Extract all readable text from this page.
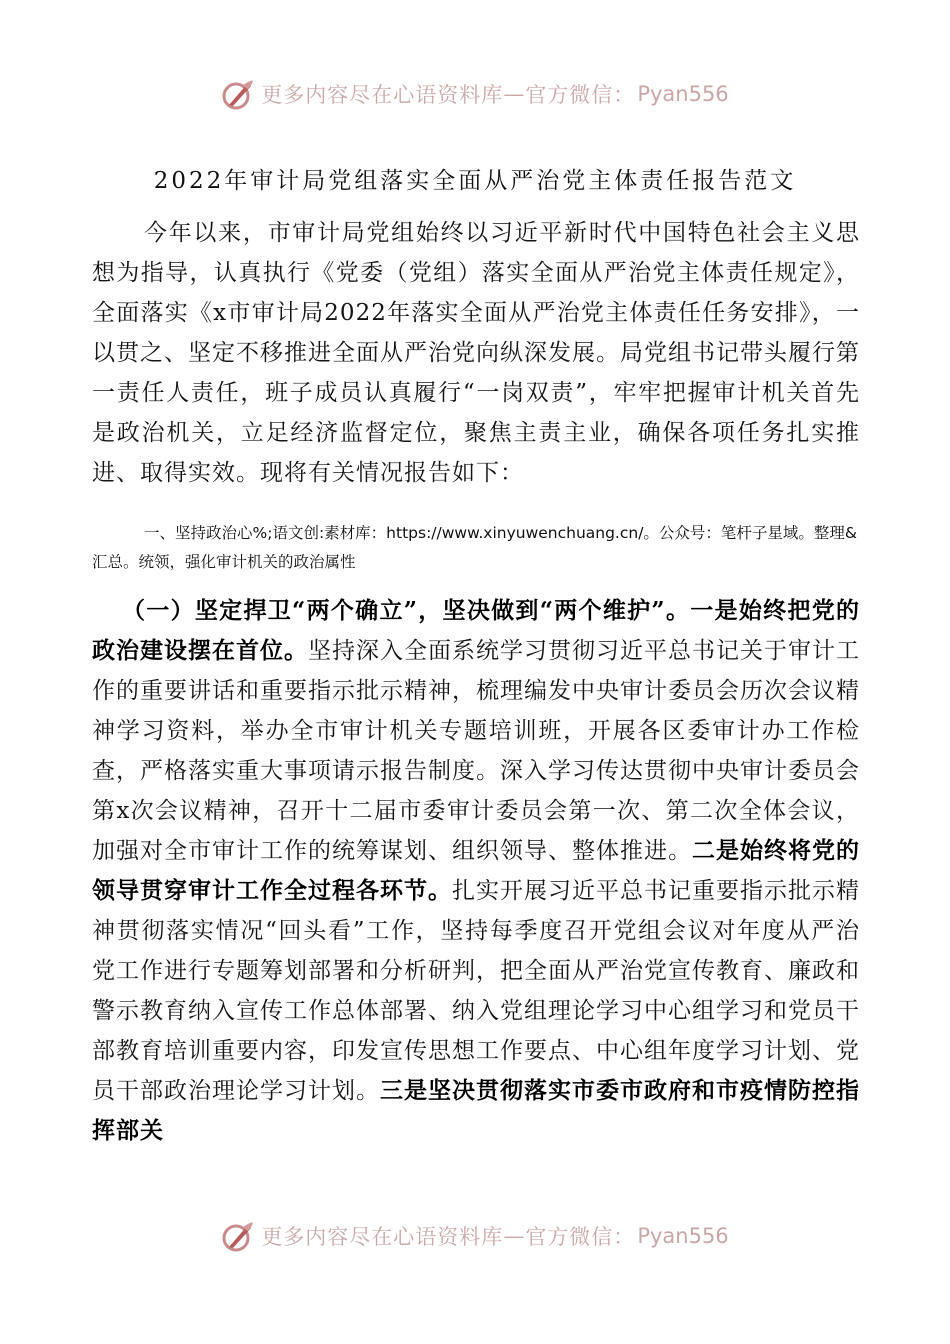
更多内容尽在心语资料库 — 官方微信： Pyan556
2022年审计局党组落实全面从严治党主体责任报告范文
今年以来，市审计局党组始终以习近平新时代中国特色社会主义思想为指导，认真执行《党委（党组）落实全面从严治党主体责任规定》，全面落实《x市审计局2022年落实全面从严治党主体责任任务安排》，一以贯之、坚定不移推进全面从严治党向纵深发展。局党组书记带头履行第一责任人责任，班子成员认真履行“一岗双责”，牢牢把握审计机关首先是政治机关，立足经济监督定位，聚焦主责主业，确保各项任务扎实推进、取得实效。现将有关情况报告如下：
一、坚持政治心%;语文创:素材库：https://www.xinyuwenchuang.cn/。公众号：笔杆子星域。整理&汇总。统领，强化审计机关的政治属性
（一）坚定捍卫“两个确立”，坚决做到“两个维护”。一是始终把党的政治建设摆在首位。坚持深入全面系统学习贯彻习近平总书记关于审计工作的重要讲话和重要指示批示精神，梳理编发中央审计委员会历次会议精神学习资料，举办全市审计机关专题培训班，开展各区委审计办工作检查，严格落实重大事项请示报告制度。深入学习传达贯彻中央审计委员会第x次会议精神，召开十二届市委审计委员会第一次、第二次全体会议，加强对全市审计工作的统筹谋划、组织领导、整体推进。二是始终将党的领导贯穿审计工作全过程各环节。扎实开展习近平总书记重要指示批示精神贯彻落实情况“回头看”工作，坚持每季度召开党组会议对年度从严治党工作进行专题筹划部署和分析研判，把全面从严治党宣传教育、廉政和警示教育纳入宣传工作总体部署、纳入党组理论学习中心组学习和党员干部教育培训重要内容，印发宣传思想工作要点、中心组年度学习计划、党员干部政治理论学习计划。三是坚决贯彻落实市委市政府和市疫情防控指挥部关
更多内容尽在心语资料库 — 官方微信： Pyan556
